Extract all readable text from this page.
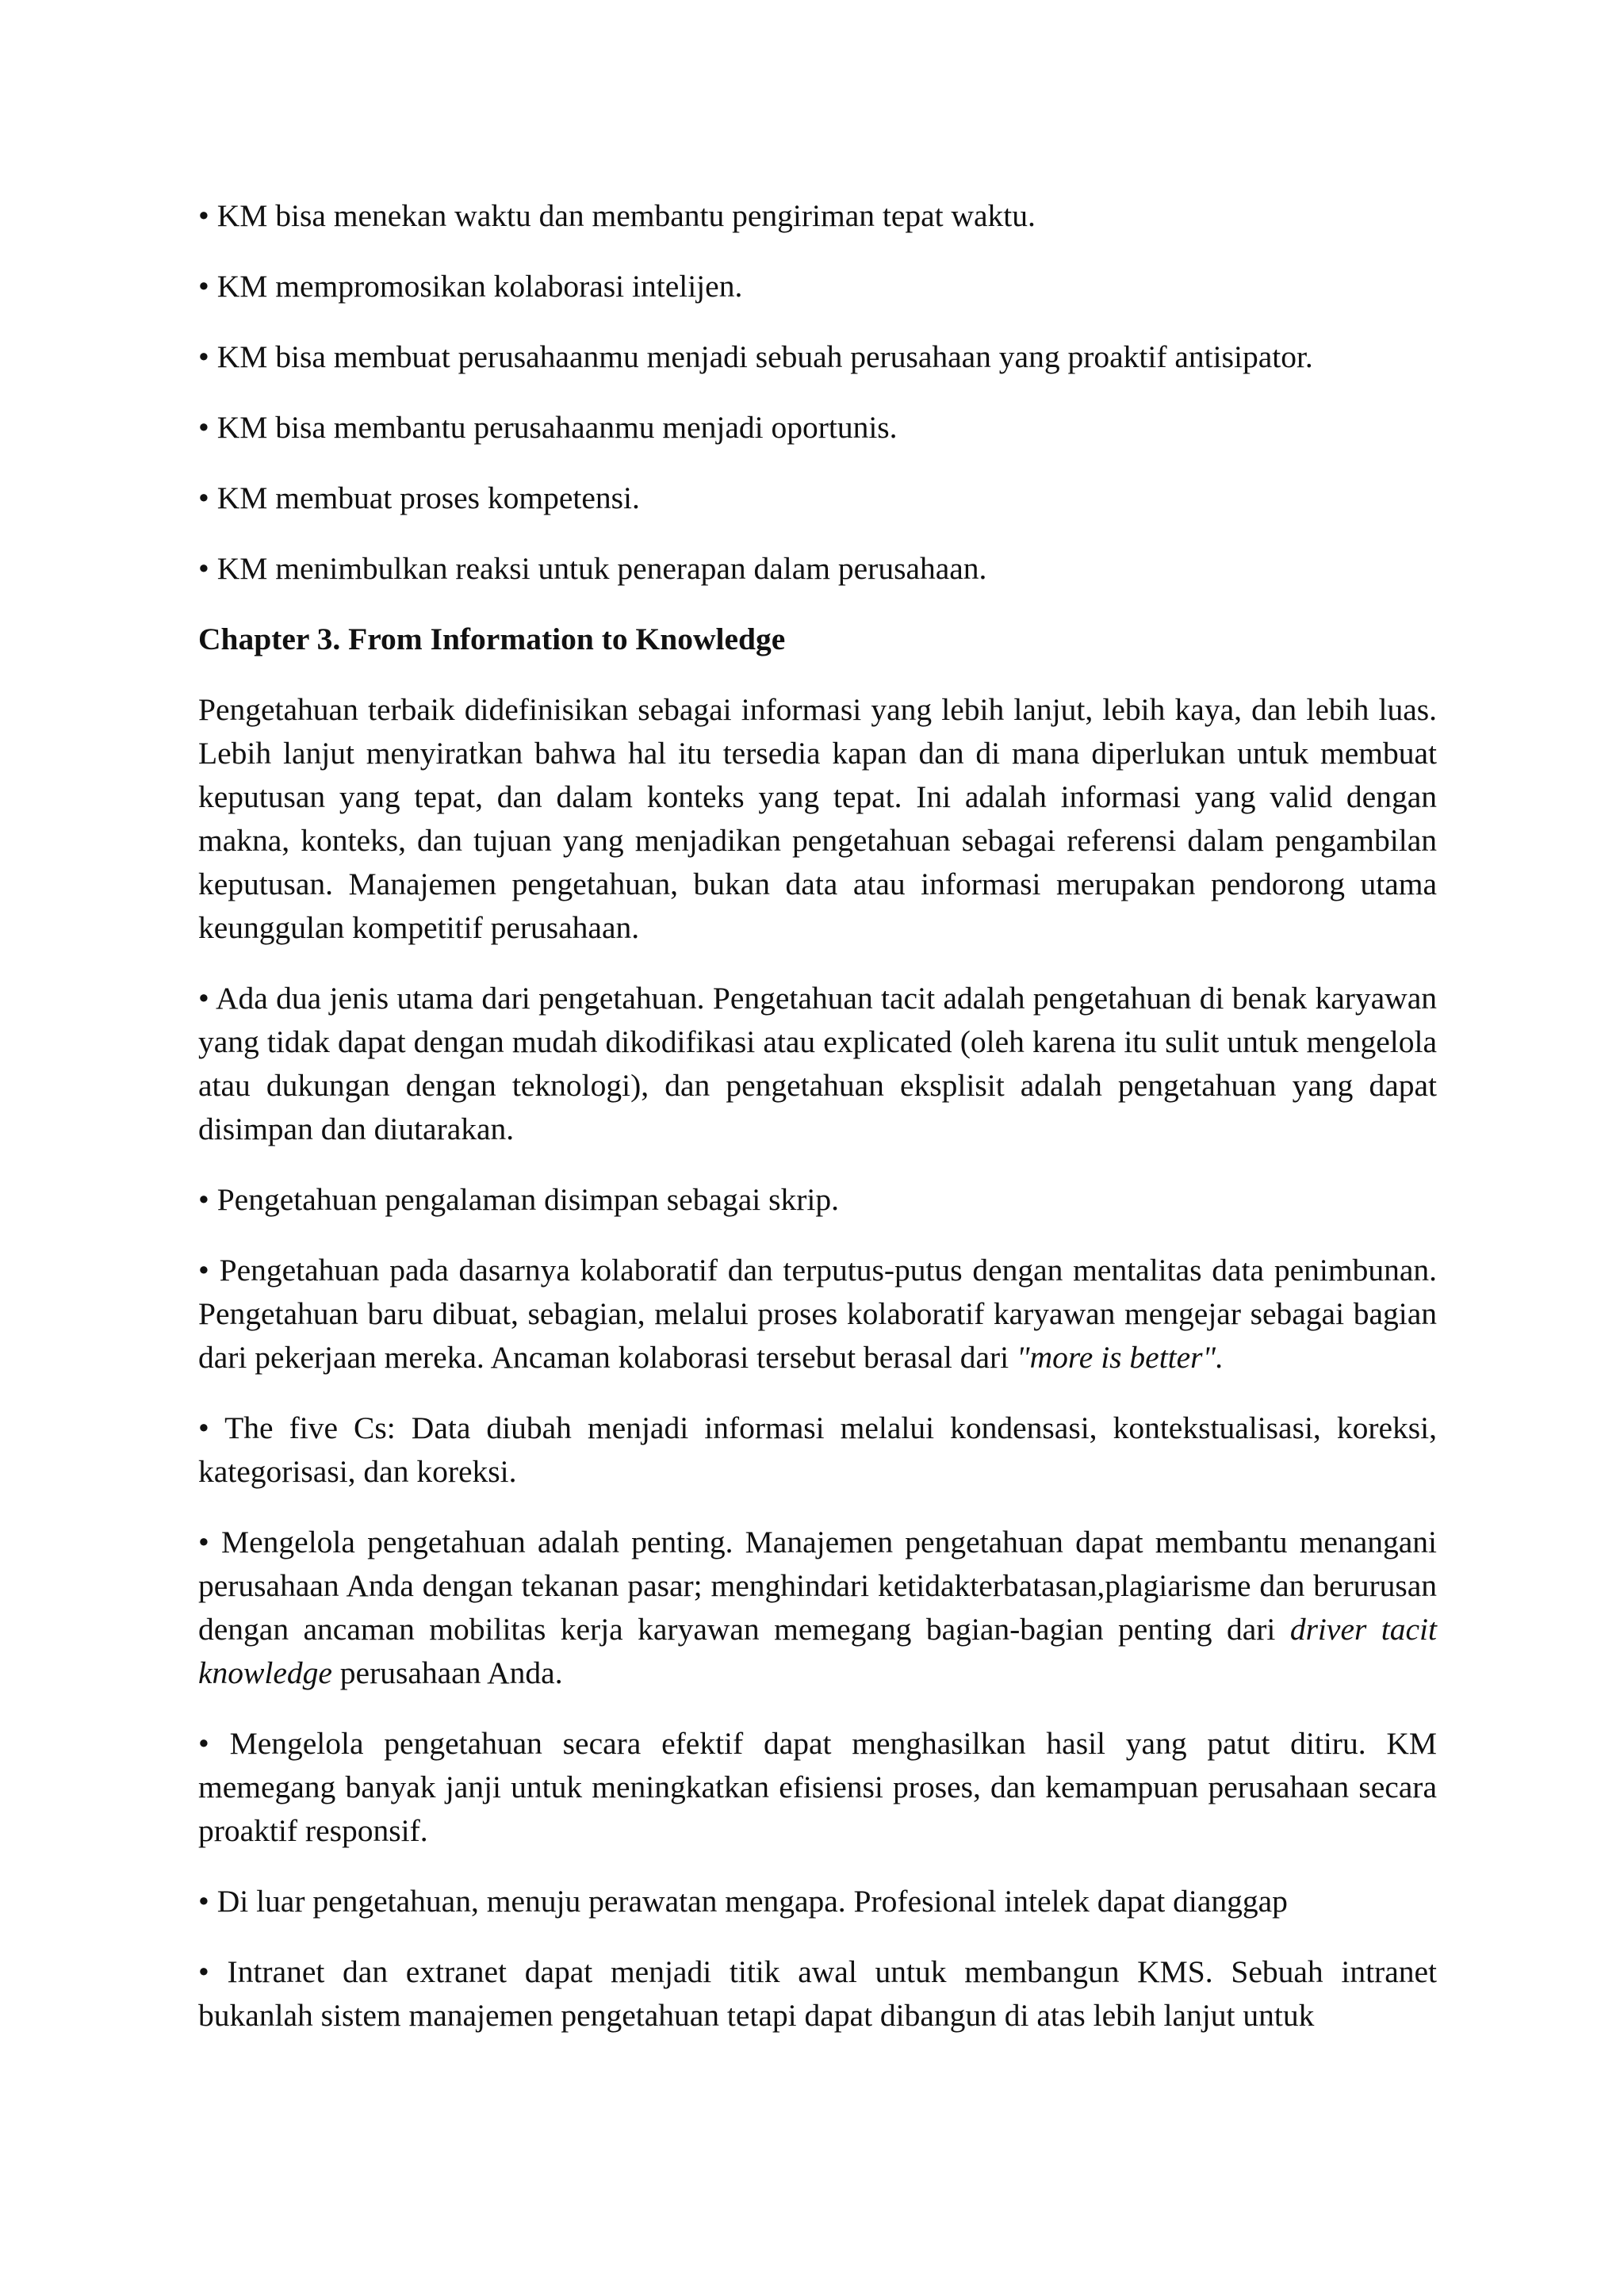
• KM bisa menekan waktu dan membantu pengiriman tepat waktu.
• KM mempromosikan kolaborasi intelijen.
• KM bisa membuat perusahaanmu menjadi sebuah perusahaan yang proaktif antisipator.
• KM bisa membantu perusahaanmu menjadi oportunis.
• KM membuat proses kompetensi.
• KM menimbulkan reaksi untuk penerapan dalam perusahaan.
Chapter 3. From Information to Knowledge
Pengetahuan terbaik didefinisikan sebagai informasi yang lebih lanjut, lebih kaya, dan lebih luas. Lebih lanjut menyiratkan bahwa hal itu tersedia kapan dan di mana diperlukan untuk membuat keputusan yang tepat, dan dalam konteks yang tepat. Ini adalah informasi yang valid dengan makna, konteks, dan tujuan yang menjadikan pengetahuan sebagai referensi dalam pengambilan keputusan. Manajemen pengetahuan, bukan data atau informasi merupakan pendorong utama keunggulan kompetitif perusahaan.
• Ada dua jenis utama dari pengetahuan. Pengetahuan tacit adalah pengetahuan di benak karyawan yang tidak dapat dengan mudah dikodifikasi atau explicated (oleh karena itu sulit untuk mengelola atau dukungan dengan teknologi), dan pengetahuan eksplisit adalah pengetahuan yang dapat disimpan dan diutarakan.
• Pengetahuan pengalaman disimpan sebagai skrip.
• Pengetahuan pada dasarnya kolaboratif dan terputus-putus dengan mentalitas data penimbunan. Pengetahuan baru dibuat, sebagian, melalui proses kolaboratif karyawan mengejar sebagai bagian dari pekerjaan mereka. Ancaman kolaborasi tersebut berasal dari "more is better".
• The five Cs: Data diubah menjadi informasi melalui kondensasi, kontekstualisasi, koreksi, kategorisasi, dan koreksi.
• Mengelola pengetahuan adalah penting. Manajemen pengetahuan dapat membantu menangani perusahaan Anda dengan tekanan pasar; menghindari ketidakterbatasan,plagiarisme dan berurusan dengan ancaman mobilitas kerja karyawan memegang bagian-bagian penting dari driver tacit knowledge perusahaan Anda.
• Mengelola pengetahuan secara efektif dapat menghasilkan hasil yang patut ditiru. KM memegang banyak janji untuk meningkatkan efisiensi proses, dan kemampuan perusahaan secara proaktif responsif.
• Di luar pengetahuan, menuju perawatan mengapa. Profesional intelek dapat dianggap
• Intranet dan extranet dapat menjadi titik awal untuk membangun KMS. Sebuah intranet bukanlah sistem manajemen pengetahuan tetapi dapat dibangun di atas lebih lanjut untuk
